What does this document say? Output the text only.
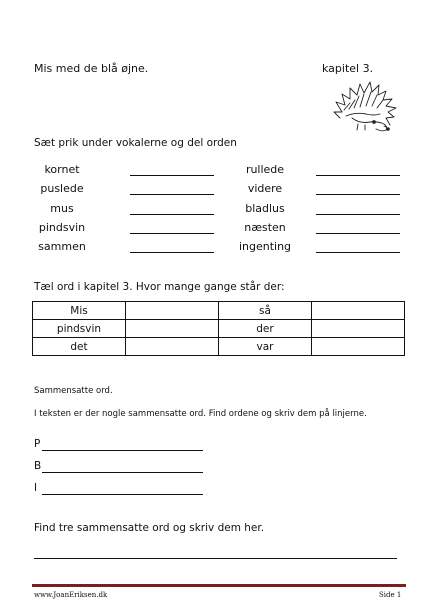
Mis med de blå øjne.	kapitel 3.
Sæt prik under vokalerne og del orden
kornet
puslede
mus
pindsvin
sammen
rullede
videre
bladlus
næsten
ingenting
Tæl ord i kapitel 3. Hvor mange gange står der:
Mis		så	
pindsvin		der	
det		var	
Sammensatte ord.
I teksten er der nogle sammensatte ord. Find ordene og skriv dem på linjerne.
P
B
I
Find tre sammensatte ord og skriv dem her.
www.JoanEriksen.dk	Side 1
